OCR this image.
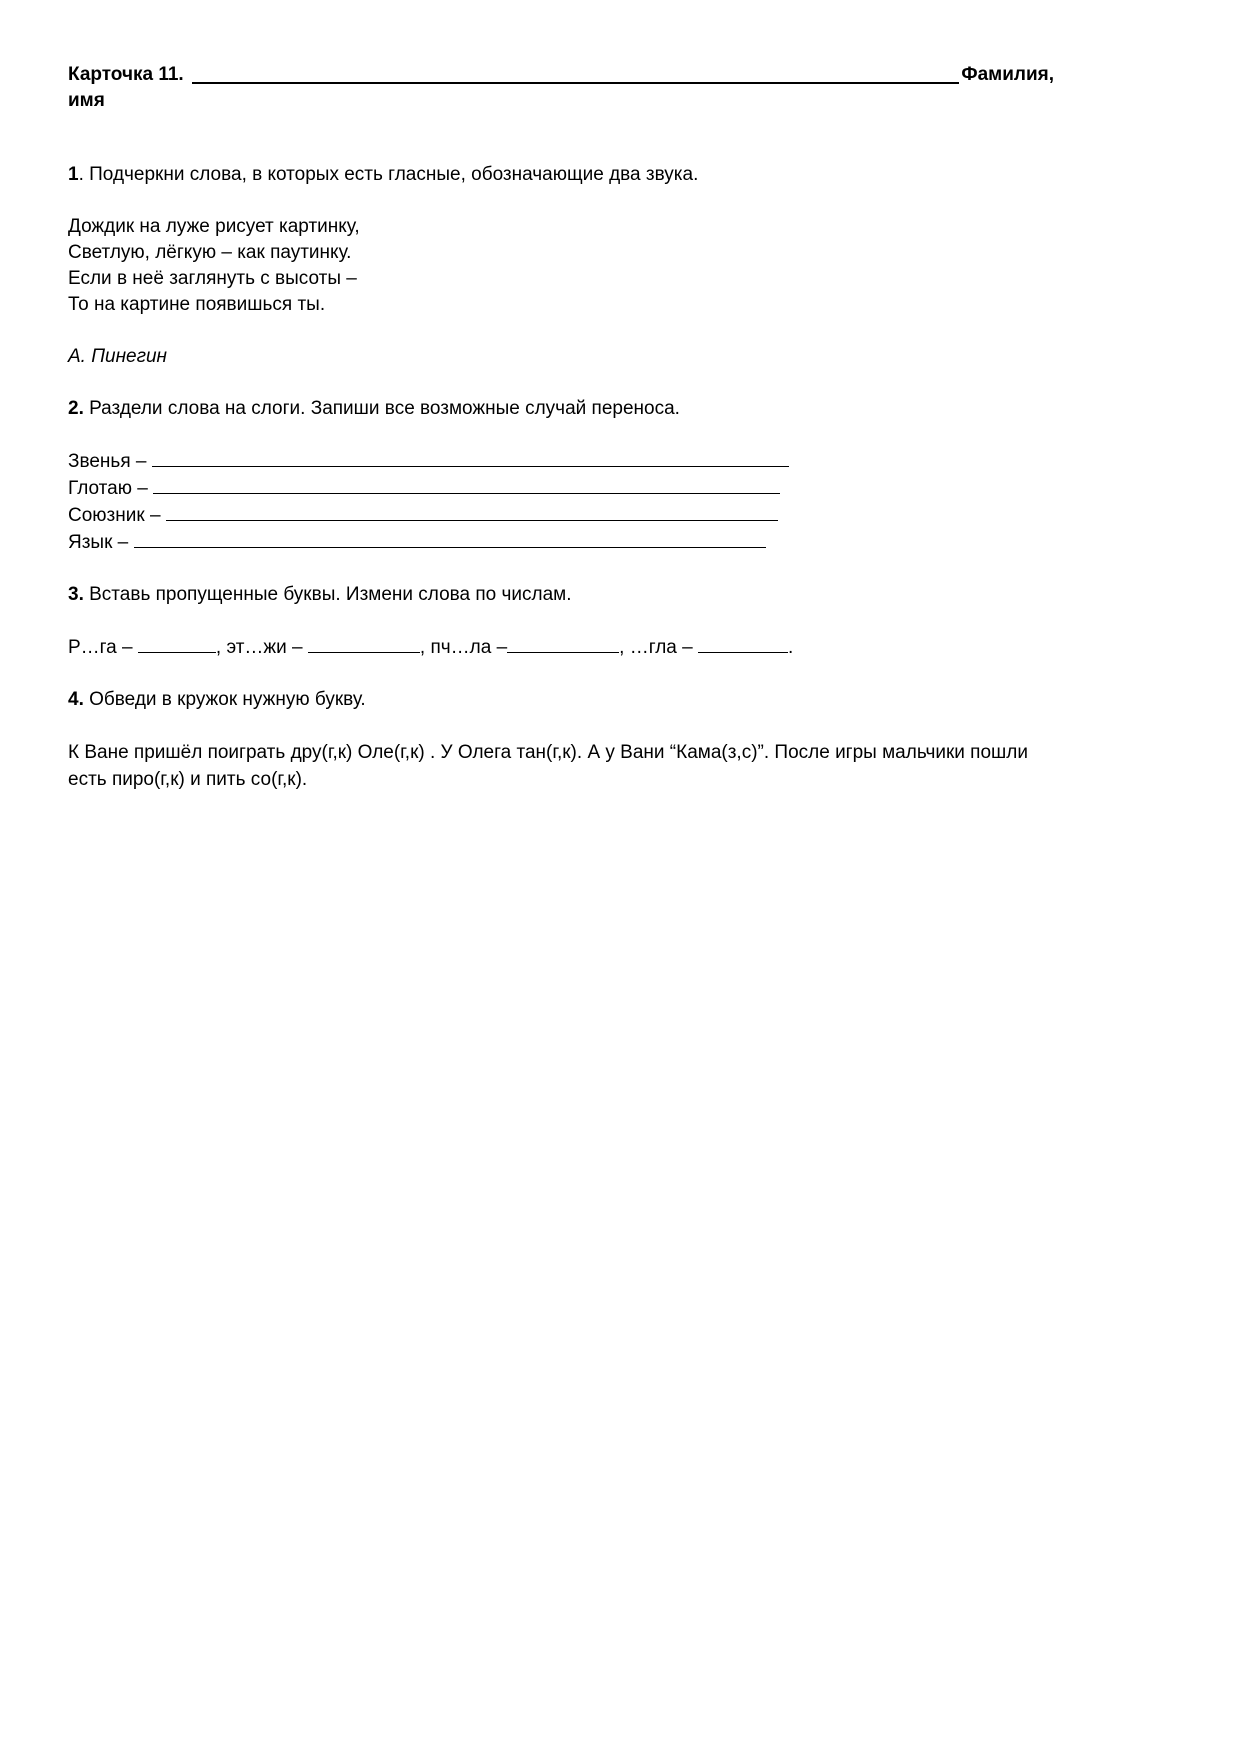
Карточка 11.	Фамилия,
имя
1. Подчеркни слова, в которых есть гласные, обозначающие два звука.
Дождик на луже рисует картинку,
Светлую, лёгкую – как паутинку.
Если в неё заглянуть с высоты –
То на картине появишься ты.
А. Пинегин
2. Раздели слова на слоги. Запиши все возможные случай переноса.
Звенья –
Глотаю –
Союзник –
Язык –
3. Вставь пропущенные буквы. Измени слова по числам.
Р…га –	, эт…жи –	, пч…ла –	, …гла –	.
4. Обведи в кружок нужную букву.
К Ване пришёл поиграть дру(г,к) Оле(г,к) . У Олега тан(г,к). А у Вани “Кама(з,с)”. После игры мальчики пошли есть пиро(г,к) и пить со(г,к).
